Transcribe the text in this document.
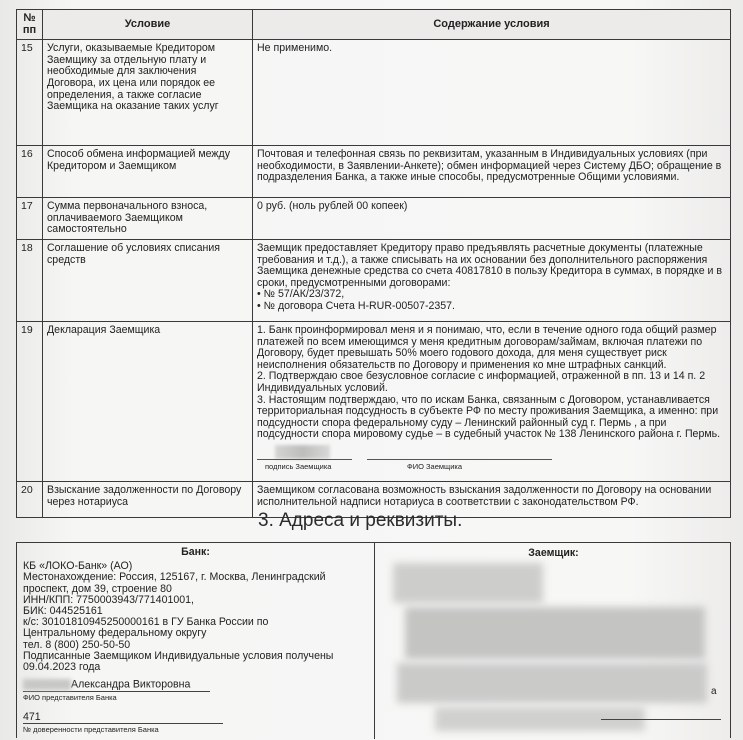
№ пп	Условие	Содержание условия
15	Услуги, оказываемые Кредитором Заемщику за отдельную плату и необходимые для заключения Договора, их цена или порядок ее определения, а также согласие Заемщика на оказание таких услуг	Не применимо.
16	Способ обмена информацией между Кредитором и Заемщиком	Почтовая и телефонная связь по реквизитам, указанным в Индивидуальных условиях (при необходимости, в Заявлении-Анкете); обмен информацией через Систему ДБО; обращение в подразделения Банка, а также иные способы, предусмотренные Общими условиями.
17	Сумма первоначального взноса, оплачиваемого Заемщиком самостоятельно	0 руб. (ноль рублей 00 копеек)
18	Соглашение об условиях списания средств	Заемщик предоставляет Кредитору право предъявлять расчетные документы (платежные требования и т.д.), а также списывать на их основании без дополнительного распоряжения Заемщика денежные средства со счета 40817810 в пользу Кредитора в суммах, в порядке и в сроки, предусмотренными договорами:
• № 57/АК/23/372,
• № договора Счета H-RUR-00507-2357.
19	Декларация Заемщика	1. Банк проинформировал меня и я понимаю, что, если в течение одного года общий размер платежей по всем имеющимся у меня кредитным договорам/займам, включая платежи по Договору, будет превышать 50% моего годового дохода, для меня существует риск неисполнения обязательств по Договору и применения ко мне штрафных санкций.
2. Подтверждаю свое безусловное согласие с информацией, отраженной в пп. 13 и 14 п. 2 Индивидуальных условий.
3. Настоящим подтверждаю, что по искам Банка, связанным с Договором, устанавливается территориальная подсудность в субъекте РФ по месту проживания Заемщика, а именно: при подсудности спора федеральному суду – Ленинский районный суд г. Пермь , а при подсудности спора мировому судье – в судебный участок № 138 Ленинского района г. Пермь.
подпись Заемщика ФИО Заемщика

20	Взыскание задолженности по Договору через нотариуса	Заемщиком согласована возможность взыскания задолженности по Договору на основании исполнительной надписи нотариуса в соответствии с законодательством РФ.
3. Адреса и реквизиты.
Банк:
КБ «ЛОКО-Банк» (АО)
Местонахождение: Россия, 125167, г. Москва, Ленинградский
проспект, дом 39, строение 80
ИНН/КПП: 7750003943/771401001,
БИК: 044525161
к/с: 30101810945250000161 в ГУ Банка России по
Центральному федеральному округу
тел. 8 (800) 250-50-50
Подписанные Заемщиком Индивидуальные условия получены
09.04.2023 года
Александра Викторовна
ФИО представителя Банка
471
№ доверенности представителя Банка
Заемщик:
а
